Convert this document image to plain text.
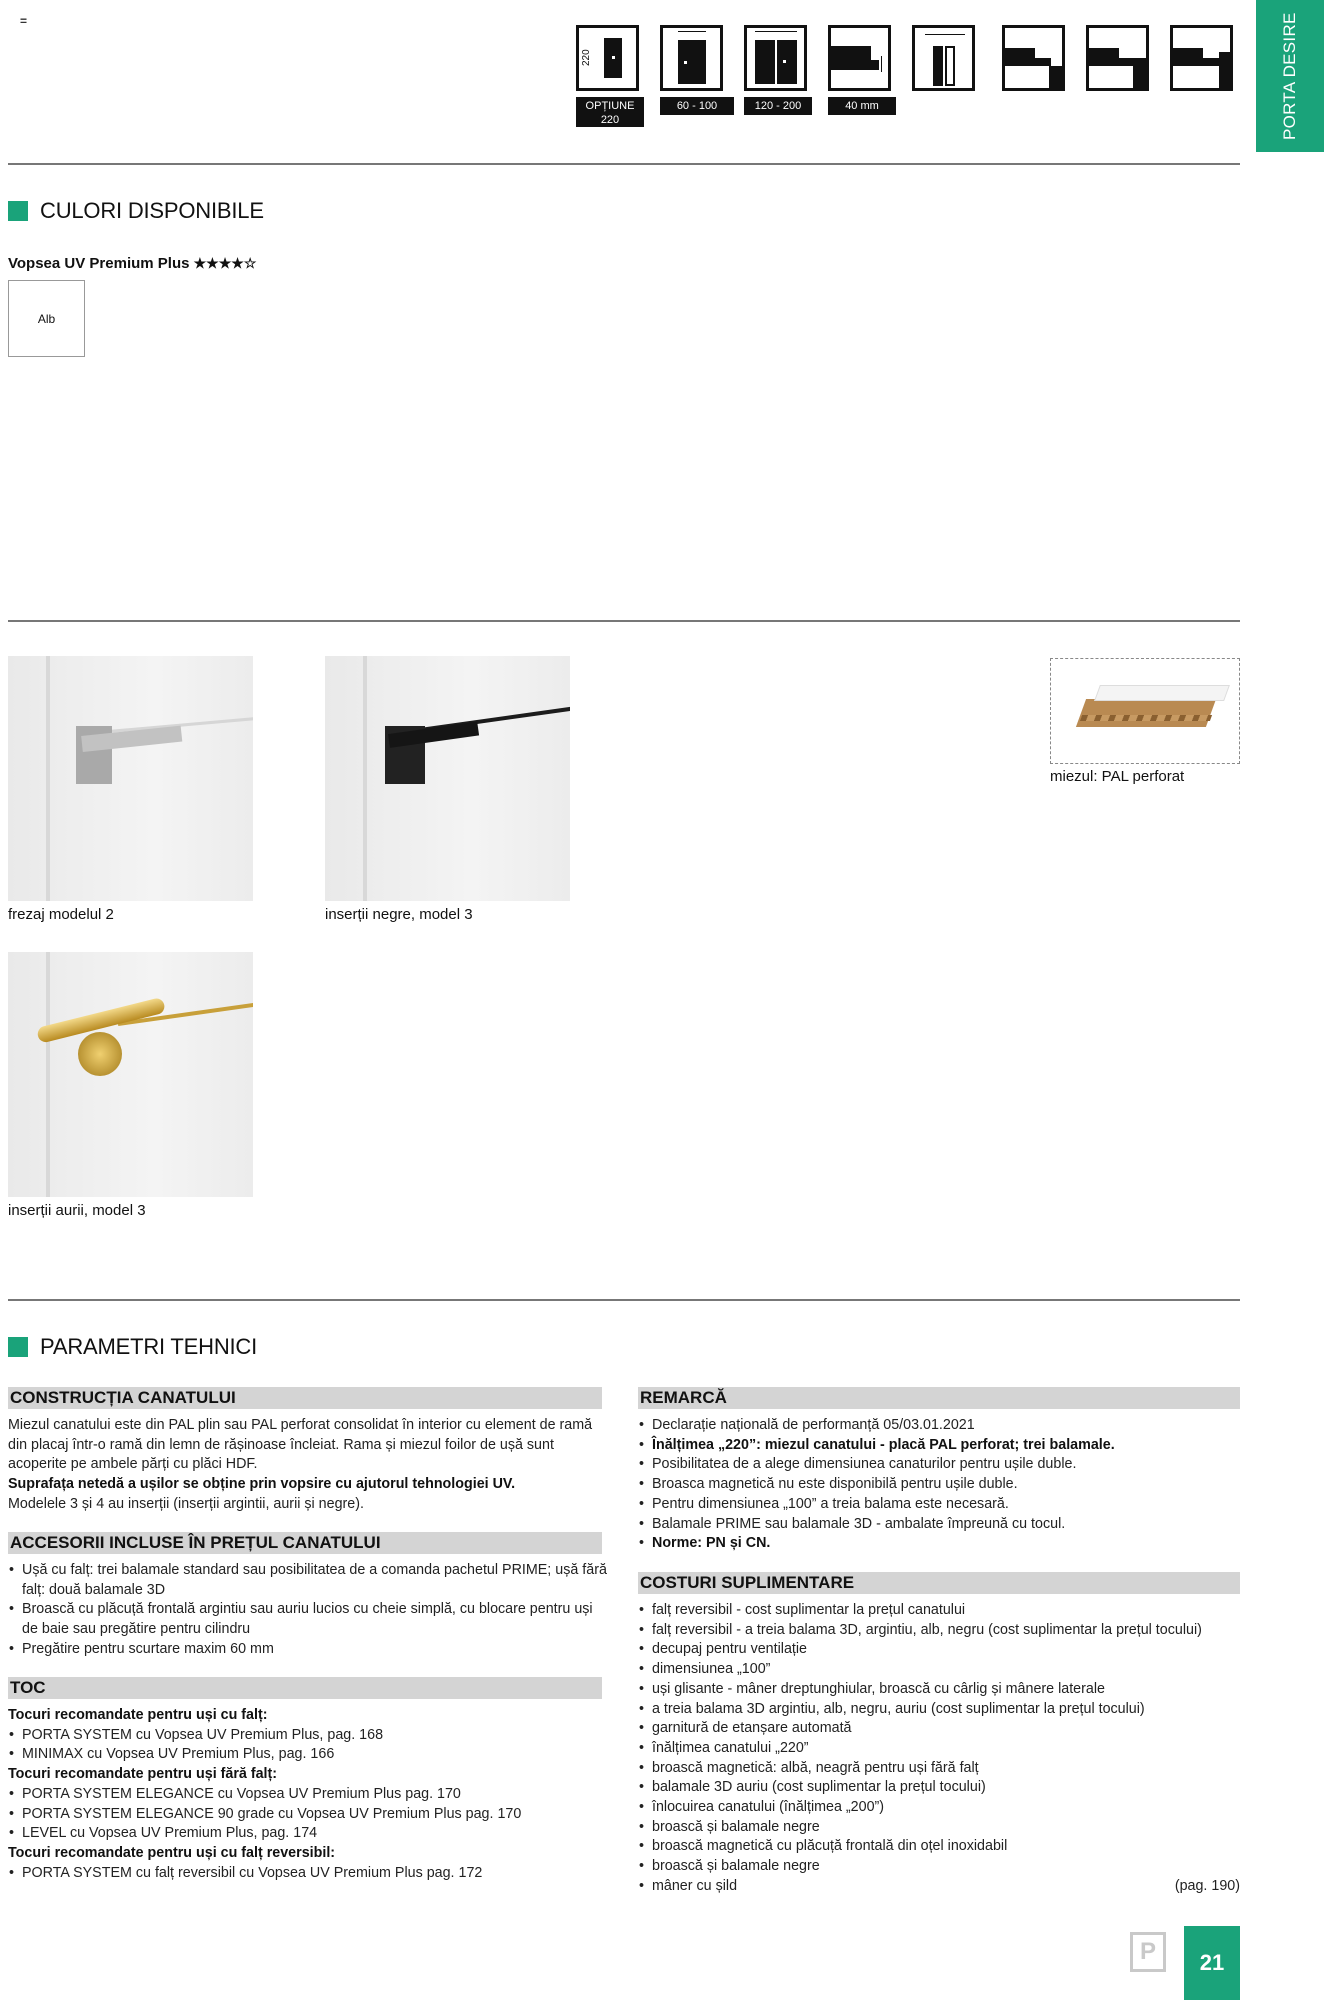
=
220
OPȚIUNE
220
60 - 100	120 - 200	40 mm	PORTA DESIRE
CULORI DISPONIBILE
Vopsea UV Premium Plus ★★★★☆
Alb
frezaj modelul 2	inserții negre, model 3
miezul: PAL perforat
inserții aurii, model 3
PARAMETRI TEHNICI
CONSTRUCȚIA CANATULUI
Miezul canatului este din PAL plin sau PAL perforat consolidat în interior cu element de ramă din placaj într-o ramă din lemn de rășinoase încleiat. Rama și miezul foilor de ușă sunt acoperite pe ambele părți cu plăci HDF.
Suprafața netedă a ușilor se obține prin vopsire cu ajutorul tehnologiei UV.
Modelele 3 și 4 au inserții (inserții argintii, aurii și negre).
ACCESORII INCLUSE ÎN PREȚUL CANATULUI
• Ușă cu falț: trei balamale standard sau posibilitatea de a comanda pachetul PRIME; ușă fără falț: două balamale 3D
• Broască cu plăcuță frontală argintiu sau auriu lucios cu cheie simplă, cu blocare pentru uși de baie sau pregătire pentru cilindru
• Pregătire pentru scurtare maxim 60 mm
TOC
Tocuri recomandate pentru uși cu falț:
• PORTA SYSTEM cu Vopsea UV Premium Plus, pag. 168
• MINIMAX cu Vopsea UV Premium Plus, pag. 166
Tocuri recomandate pentru uși fără falț:
• PORTA SYSTEM ELEGANCE cu Vopsea UV Premium Plus pag. 170
• PORTA SYSTEM ELEGANCE 90 grade cu Vopsea UV Premium Plus pag. 170
• LEVEL cu Vopsea UV Premium Plus, pag. 174
Tocuri recomandate pentru uși cu falț reversibil:
• PORTA SYSTEM cu falț reversibil cu Vopsea UV Premium Plus pag. 172
REMARCĂ
• Declarație națională de performanță 05/03.01.2021
• Înălțimea „220”: miezul canatului - placă PAL perforat; trei balamale.
• Posibilitatea de a alege dimensiunea canaturilor pentru ușile duble.
• Broasca magnetică nu este disponibilă pentru ușile duble.
• Pentru dimensiunea „100” a treia balama este necesară.
• Balamale PRIME sau balamale 3D - ambalate împreună cu tocul.
• Norme: PN și CN.
COSTURI SUPLIMENTARE
• falț reversibil - cost suplimentar la prețul canatului
• falț reversibil - a treia balama 3D, argintiu, alb, negru (cost suplimentar la prețul tocului)
• decupaj pentru ventilație
• dimensiunea „100”
• uși glisante - mâner dreptunghiular, broască cu cârlig și mânere laterale
• a treia balama 3D argintiu, alb, negru, auriu (cost suplimentar la prețul tocului)
• garnitură de etanșare automată
• înălțimea canatului „220”
• broască magnetică: albă, neagră pentru uși fără falț
• balamale 3D auriu (cost suplimentar la prețul tocului)
• înlocuirea canatului (înălțimea „200”)
• broască și balamale negre
• broască magnetică cu plăcuță frontală din oțel inoxidabil
• broască și balamale negre
• mâner cu șild	(pag. 190)
P	21
